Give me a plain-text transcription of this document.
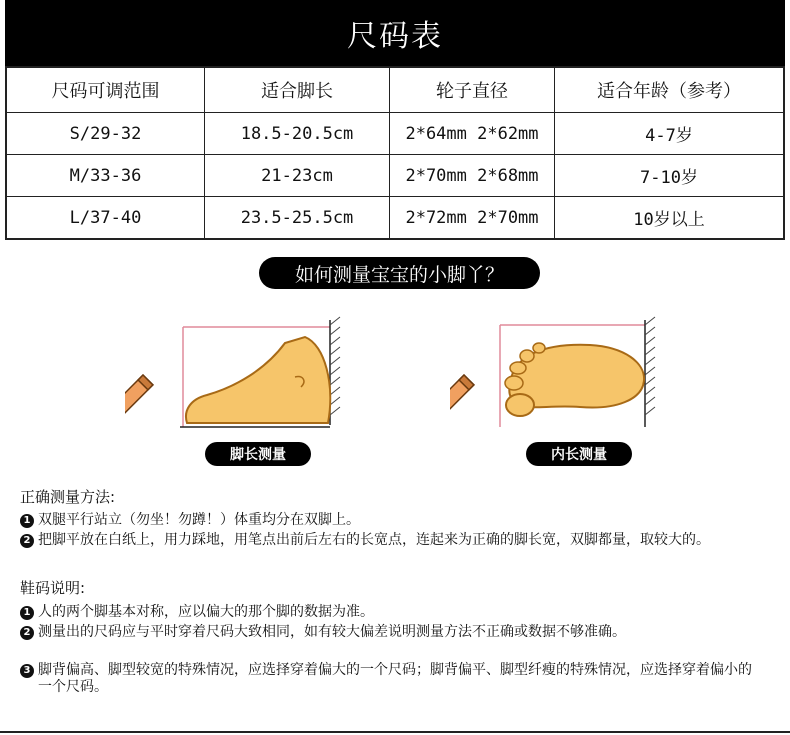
尺码表
尺码可调范围	适合脚长	轮子直径	适合年龄（参考）
S/29-32	18.5-20.5cm	2*64mm 2*62mm	4-7岁
M/33-36	21-23cm	2*70mm 2*68mm	7-10岁
L/37-40	23.5-25.5cm	2*72mm 2*70mm	10岁以上
如何测量宝宝的小脚丫？
脚长测量	内长测量
正确测量方法:
1 双腿平行站立（勿坐！勿蹲！）体重均分在双脚上。
2 把脚平放在白纸上，用力踩地，用笔点出前后左右的长宽点，连起来为正确的脚长宽，双脚都量，取较大的。
鞋码说明:
1 人的两个脚基本对称，应以偏大的那个脚的数据为准。
2 测量出的尺码应与平时穿着尺码大致相同，如有较大偏差说明测量方法不正确或数据不够准确。
3 脚背偏高、脚型较宽的特殊情况，应选择穿着偏大的一个尺码；脚背偏平、脚型纤瘦的特殊情况，应选择穿着偏小的一个尺码。
